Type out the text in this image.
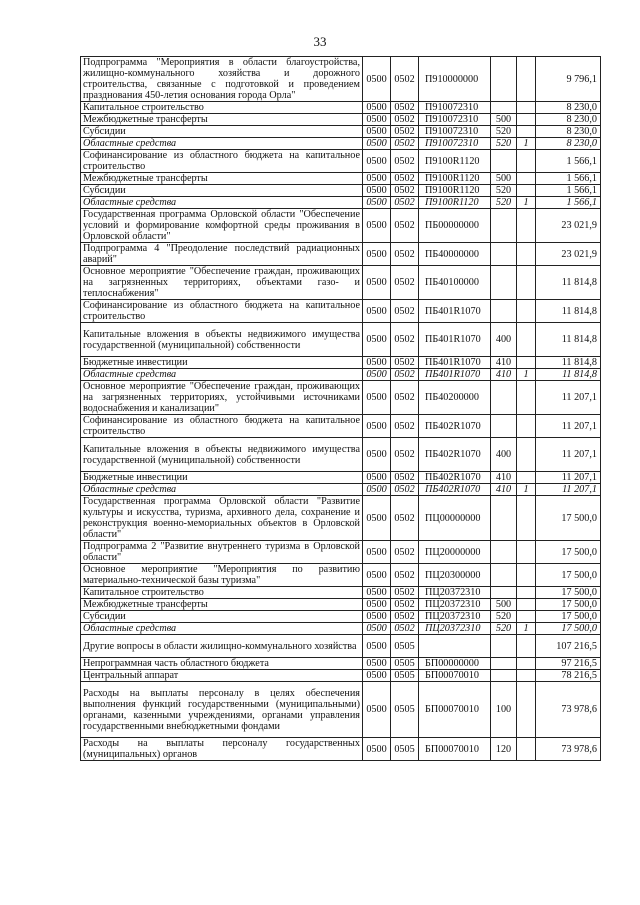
33
Подпрограмма "Мероприятия в области благоустройства, жилищно-коммунального хозяйства и дорожного строительства, связанные с подготовкой и проведением празднования 450-летия основания города Орла"	0500	0502	П910000000			9 796,1
Капитальное строительство	0500	0502	П910072310			8 230,0
Межбюджетные трансферты	0500	0502	П910072310	500		8 230,0
Субсидии	0500	0502	П910072310	520		8 230,0
Областные средства	0500	0502	П910072310	520	1	8 230,0
Софинансирование из областного бюджета на капитальное строительство	0500	0502	П9100R1120			1 566,1
Межбюджетные трансферты	0500	0502	П9100R1120	500		1 566,1
Субсидии	0500	0502	П9100R1120	520		1 566,1
Областные средства	0500	0502	П9100R1120	520	1	1 566,1
Государственная программа Орловской области "Обеспечение условий и формирование комфортной среды проживания в Орловской области"	0500	0502	ПБ00000000			23 021,9
Подпрограмма 4 "Преодоление последствий радиационных аварий"	0500	0502	ПБ40000000			23 021,9
Основное мероприятие "Обеспечение граждан, проживающих на загрязненных территориях, объектами газо- и теплоснабжения"	0500	0502	ПБ40100000			11 814,8
Софинансирование из областного бюджета на капитальное строительство	0500	0502	ПБ401R1070			11 814,8
Капитальные вложения в объекты недвижимого имущества государственной (муниципальной) собственности	0500	0502	ПБ401R1070	400		11 814,8
Бюджетные инвестиции	0500	0502	ПБ401R1070	410		11 814,8
Областные средства	0500	0502	ПБ401R1070	410	1	11 814,8
Основное мероприятие "Обеспечение граждан, проживающих на загрязненных территориях, устойчивыми источниками водоснабжения и канализации"	0500	0502	ПБ40200000			11 207,1
Софинансирование из областного бюджета на капитальное строительство	0500	0502	ПБ402R1070			11 207,1
Капитальные вложения в объекты недвижимого имущества государственной (муниципальной) собственности	0500	0502	ПБ402R1070	400		11 207,1
Бюджетные инвестиции	0500	0502	ПБ402R1070	410		11 207,1
Областные средства	0500	0502	ПБ402R1070	410	1	11 207,1
Государственная программа Орловской области "Развитие культуры и искусства, туризма, архивного дела, сохранение и реконструкция военно-мемориальных объектов в Орловской области"	0500	0502	ПЦ00000000			17 500,0
Подпрограмма 2 "Развитие внутреннего туризма в Орловской области"	0500	0502	ПЦ20000000			17 500,0
Основное мероприятие "Мероприятия по развитию материально-технической базы туризма"	0500	0502	ПЦ20300000			17 500,0
Капитальное строительство	0500	0502	ПЦ20372310			17 500,0
Межбюджетные трансферты	0500	0502	ПЦ20372310	500		17 500,0
Субсидии	0500	0502	ПЦ20372310	520		17 500,0
Областные средства	0500	0502	ПЦ20372310	520	1	17 500,0
Другие вопросы в области жилищно-коммунального хозяйства	0500	0505				107 216,5
Непрограммная часть областного бюджета	0500	0505	БП00000000			97 216,5
Центральный аппарат	0500	0505	БП00070010			78 216,5
Расходы на выплаты персоналу в целях обеспечения выполнения функций государственными (муниципальными) органами, казенными учреждениями, органами управления государственными внебюджетными фондами	0500	0505	БП00070010	100		73 978,6
Расходы на выплаты персоналу государственных (муниципальных) органов	0500	0505	БП00070010	120		73 978,6
